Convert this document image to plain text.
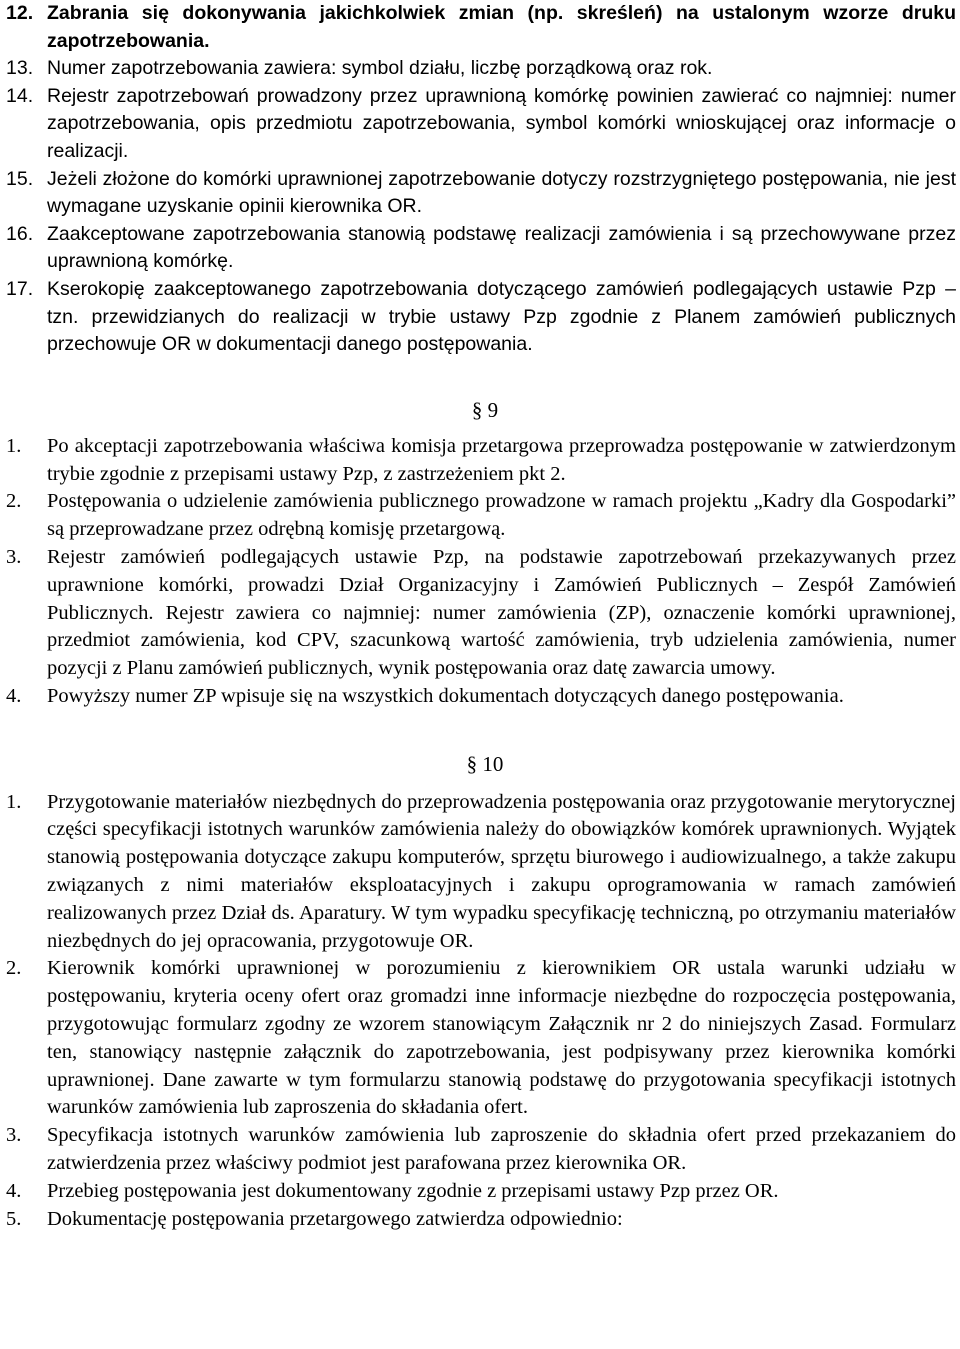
12. Zabrania się dokonywania jakichkolwiek zmian (np. skreśleń) na ustalonym wzorze druku zapotrzebowania.
13. Numer zapotrzebowania zawiera: symbol działu, liczbę porządkową oraz rok.
14. Rejestr zapotrzebowań prowadzony przez uprawnioną komórkę powinien zawierać co najmniej: numer zapotrzebowania, opis przedmiotu zapotrzebowania, symbol komórki wnioskującej oraz informacje o realizacji.
15. Jeżeli złożone do komórki uprawnionej zapotrzebowanie dotyczy rozstrzygniętego postępowania, nie jest wymagane uzyskanie opinii kierownika OR.
16. Zaakceptowane zapotrzebowania stanowią podstawę realizacji zamówienia i są przechowywane przez uprawnioną komórkę.
17. Kserokopię zaakceptowanego zapotrzebowania dotyczącego zamówień podlegających ustawie Pzp – tzn. przewidzianych do realizacji w trybie ustawy Pzp zgodnie z Planem zamówień publicznych przechowuje OR w dokumentacji danego postępowania.
§ 9
1.	Po akceptacji zapotrzebowania właściwa komisja przetargowa przeprowadza postępowanie w zatwierdzonym trybie zgodnie z przepisami ustawy Pzp, z zastrzeżeniem pkt 2.
2.	Postępowania o udzielenie zamówienia publicznego prowadzone w ramach projektu „Kadry dla Gospodarki” są przeprowadzane przez odrębną komisję przetargową.
3.	Rejestr zamówień podlegających ustawie Pzp, na podstawie zapotrzebowań przekazywanych przez uprawnione komórki, prowadzi Dział Organizacyjny i Zamówień Publicznych – Zespół Zamówień Publicznych. Rejestr zawiera co najmniej: numer zamówienia (ZP), oznaczenie komórki uprawnionej, przedmiot zamówienia, kod CPV, szacunkową wartość zamówienia, tryb udzielenia zamówienia, numer pozycji z Planu zamówień publicznych, wynik postępowania oraz datę zawarcia umowy.
4.	Powyższy numer ZP wpisuje się na wszystkich dokumentach dotyczących danego postępowania.
§ 10
1.	Przygotowanie materiałów niezbędnych do przeprowadzenia postępowania oraz przygotowanie merytorycznej części specyfikacji istotnych warunków zamówienia należy do obowiązków komórek uprawnionych. Wyjątek stanowią postępowania dotyczące zakupu komputerów, sprzętu biurowego i audiowizualnego, a także zakupu związanych z nimi materiałów eksploatacyjnych i zakupu oprogramowania w ramach zamówień realizowanych przez Dział ds. Aparatury. W tym wypadku specyfikację techniczną, po otrzymaniu materiałów niezbędnych do jej opracowania, przygotowuje OR.
2.	Kierownik komórki uprawnionej w porozumieniu z kierownikiem OR ustala warunki udziału w postępowaniu, kryteria oceny ofert oraz gromadzi inne informacje niezbędne do rozpoczęcia postępowania, przygotowując formularz zgodny ze wzorem stanowiącym Załącznik nr 2 do niniejszych Zasad. Formularz ten, stanowiący następnie załącznik do zapotrzebowania, jest podpisywany przez kierownika komórki uprawnionej. Dane zawarte w tym formularzu stanowią podstawę do przygotowania specyfikacji istotnych warunków zamówienia lub zaproszenia do składania ofert.
3.	Specyfikacja istotnych warunków zamówienia lub zaproszenie do składnia ofert przed przekazaniem do zatwierdzenia przez właściwy podmiot jest parafowana przez kierownika OR.
4.	Przebieg postępowania jest dokumentowany zgodnie z przepisami ustawy Pzp przez OR.
5.	Dokumentację postępowania przetargowego zatwierdza odpowiednio:
